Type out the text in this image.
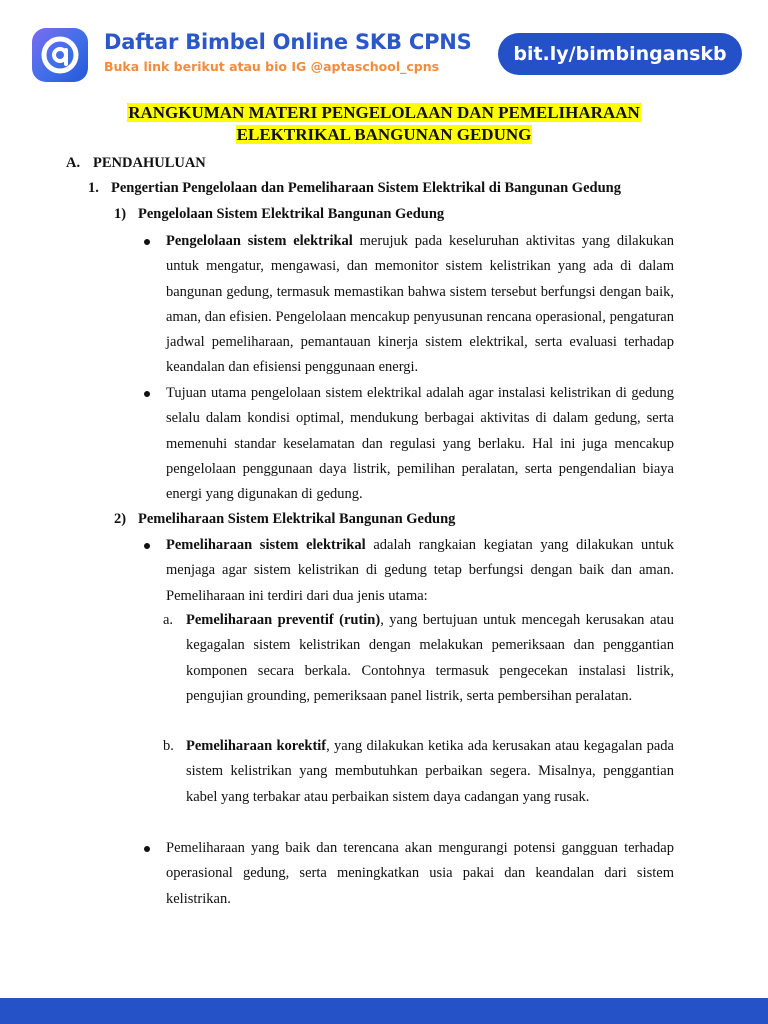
Daftar Bimbel Online SKB CPNS
Buka link berikut atau bio IG @aptaschool_cpns
bit.ly/bimbinganskb
RANGKUMAN MATERI PENGELOLAAN DAN PEMELIHARAAN
ELEKTRIKAL BANGUNAN GEDUNG
A. PENDAHULUAN
1. Pengertian Pengelolaan dan Pemeliharaan Sistem Elektrikal di Bangunan Gedung
1) Pengelolaan Sistem Elektrikal Bangunan Gedung
Pengelolaan sistem elektrikal merujuk pada keseluruhan aktivitas yang dilakukan untuk mengatur, mengawasi, dan memonitor sistem kelistrikan yang ada di dalam bangunan gedung, termasuk memastikan bahwa sistem tersebut berfungsi dengan baik, aman, dan efisien. Pengelolaan mencakup penyusunan rencana operasional, pengaturan jadwal pemeliharaan, pemantauan kinerja sistem elektrikal, serta evaluasi terhadap keandalan dan efisiensi penggunaan energi.
Tujuan utama pengelolaan sistem elektrikal adalah agar instalasi kelistrikan di gedung selalu dalam kondisi optimal, mendukung berbagai aktivitas di dalam gedung, serta memenuhi standar keselamatan dan regulasi yang berlaku. Hal ini juga mencakup pengelolaan penggunaan daya listrik, pemilihan peralatan, serta pengendalian biaya energi yang digunakan di gedung.
2) Pemeliharaan Sistem Elektrikal Bangunan Gedung
Pemeliharaan sistem elektrikal adalah rangkaian kegiatan yang dilakukan untuk menjaga agar sistem kelistrikan di gedung tetap berfungsi dengan baik dan aman. Pemeliharaan ini terdiri dari dua jenis utama:
a. Pemeliharaan preventif (rutin), yang bertujuan untuk mencegah kerusakan atau kegagalan sistem kelistrikan dengan melakukan pemeriksaan dan penggantian komponen secara berkala. Contohnya termasuk pengecekan instalasi listrik, pengujian grounding, pemeriksaan panel listrik, serta pembersihan peralatan.
b. Pemeliharaan korektif, yang dilakukan ketika ada kerusakan atau kegagalan pada sistem kelistrikan yang membutuhkan perbaikan segera. Misalnya, penggantian kabel yang terbakar atau perbaikan sistem daya cadangan yang rusak.
Pemeliharaan yang baik dan terencana akan mengurangi potensi gangguan terhadap operasional gedung, serta meningkatkan usia pakai dan keandalan dari sistem kelistrikan.
